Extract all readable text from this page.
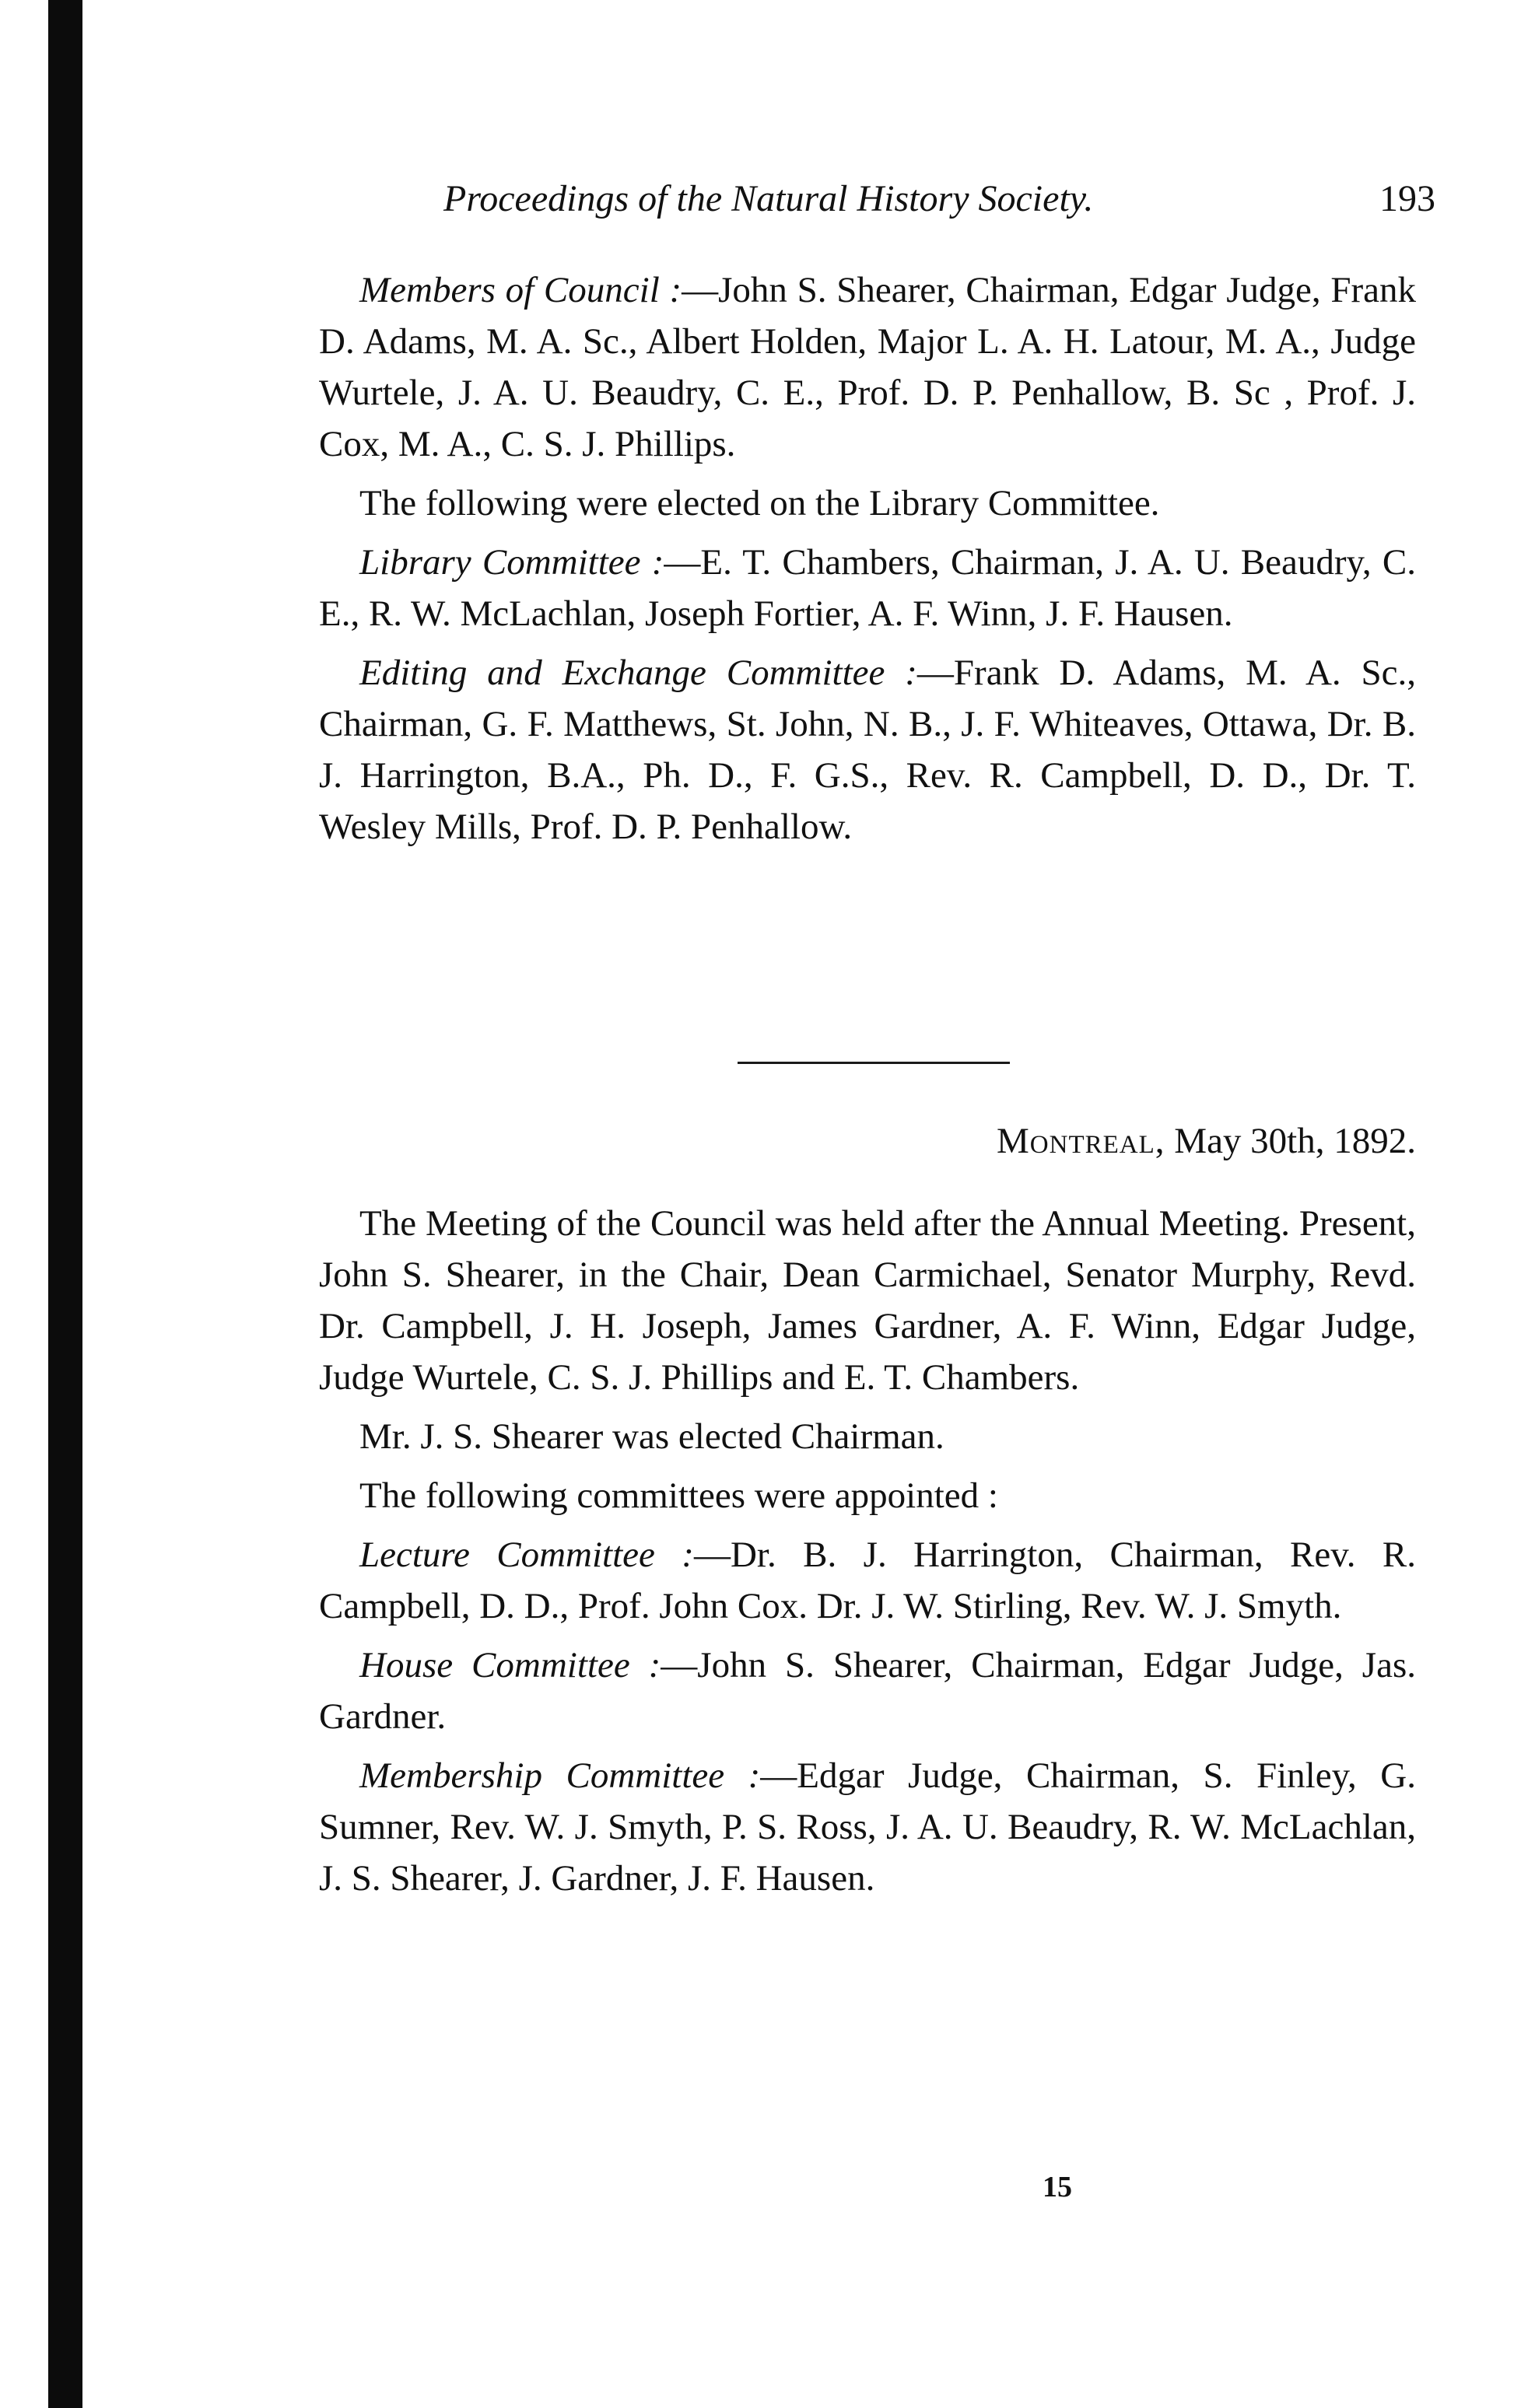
Proceedings of the Natural History Society.	193

Members of Council :—John S. Shearer, Chairman, Edgar Judge, Frank D. Adams, M. A. Sc., Albert Holden, Major L. A. H. Latour, M. A., Judge Wurtele, J. A. U. Beaudry, C. E., Prof. D. P. Penhallow, B. Sc , Prof. J. Cox, M. A., C. S. J. Phillips.

The following were elected on the Library Committee.

Library Committee :—E. T. Chambers, Chairman, J. A. U. Beaudry, C. E., R. W. McLachlan, Joseph Fortier, A. F. Winn, J. F. Hausen.

Editing and Exchange Committee :—Frank D. Adams, M. A. Sc., Chairman, G. F. Matthews, St. John, N. B., J. F. Whiteaves, Ottawa, Dr. B. J. Harrington, B.A., Ph. D., F. G.S., Rev. R. Campbell, D. D., Dr. T. Wesley Mills, Prof. D. P. Penhallow.

Montreal, May 30th, 1892.

The Meeting of the Council was held after the Annual Meeting. Present, John S. Shearer, in the Chair, Dean Carmichael, Senator Murphy, Revd. Dr. Campbell, J. H. Joseph, James Gardner, A. F. Winn, Edgar Judge, Judge Wurtele, C. S. J. Phillips and E. T. Chambers.

Mr. J. S. Shearer was elected Chairman.

The following committees were appointed :

Lecture Committee :—Dr. B. J. Harrington, Chairman, Rev. R. Campbell, D. D., Prof. John Cox. Dr. J. W. Stirling, Rev. W. J. Smyth.

House Committee :—John S. Shearer, Chairman, Edgar Judge, Jas. Gardner.

Membership Committee :—Edgar Judge, Chairman, S. Finley, G. Sumner, Rev. W. J. Smyth, P. S. Ross, J. A. U. Beaudry, R. W. McLachlan, J. S. Shearer, J. Gardner, J. F. Hausen.

15
